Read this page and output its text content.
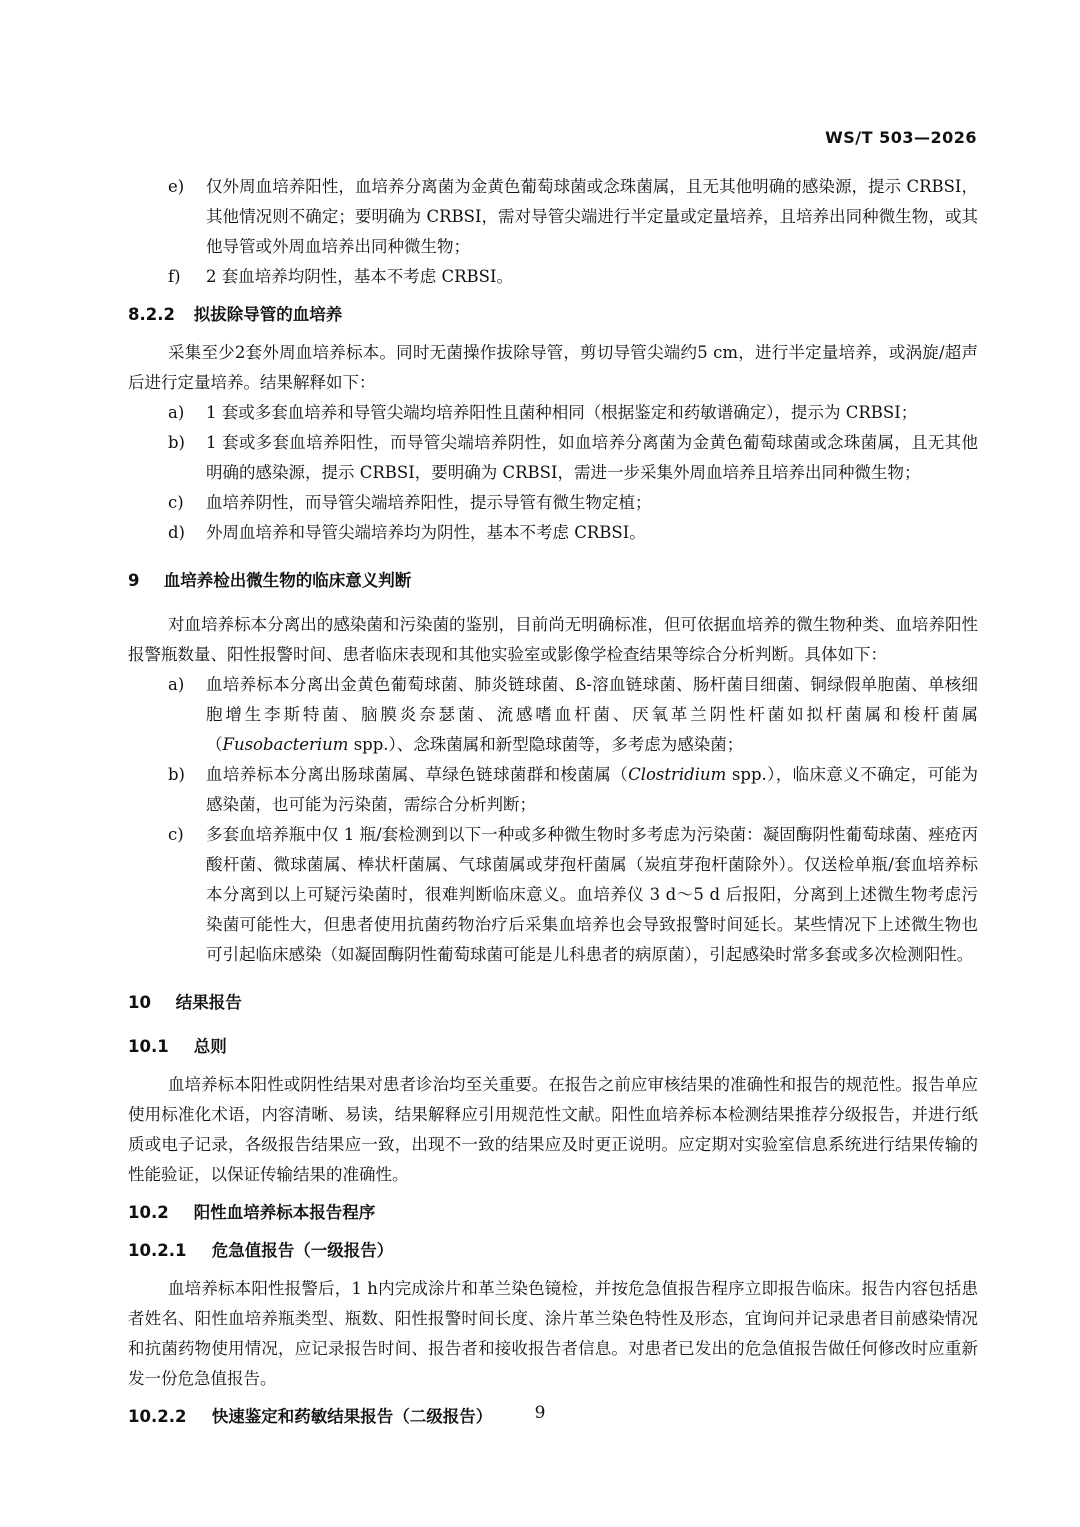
WS/T 503—2026
e) 仅外周血培养阳性，血培养分离菌为金黄色葡萄球菌或念珠菌属，且无其他明确的感染源，提示 CRBSI，其他情况则不确定；要明确为 CRBSI，需对导管尖端进行半定量或定量培养，且培养出同种微生物，或其他导管或外周血培养出同种微生物；
f) 2 套血培养均阴性，基本不考虑 CRBSI。
8.2.2 拟拔除导管的血培养
采集至少2套外周血培养标本。同时无菌操作拔除导管，剪切导管尖端约5 cm，进行半定量培养，或涡旋/超声后进行定量培养。结果解释如下：
a) 1 套或多套血培养和导管尖端均培养阳性且菌种相同（根据鉴定和药敏谱确定），提示为 CRBSI；
b) 1 套或多套血培养阳性，而导管尖端培养阴性，如血培养分离菌为金黄色葡萄球菌或念珠菌属，且无其他明确的感染源，提示 CRBSI，要明确为 CRBSI，需进一步采集外周血培养且培养出同种微生物；
c) 血培养阴性，而导管尖端培养阳性，提示导管有微生物定植；
d) 外周血培养和导管尖端培养均为阴性，基本不考虑 CRBSI。
9 血培养检出微生物的临床意义判断
对血培养标本分离出的感染菌和污染菌的鉴别，目前尚无明确标准，但可依据血培养的微生物种类、血培养阳性报警瓶数量、阳性报警时间、患者临床表现和其他实验室或影像学检查结果等综合分析判断。具体如下：
a) 血培养标本分离出金黄色葡萄球菌、肺炎链球菌、ß-溶血链球菌、肠杆菌目细菌、铜绿假单胞菌、单核细胞增生李斯特菌、脑膜炎奈瑟菌、流感嗜血杆菌、厌氧革兰阴性杆菌如拟杆菌属和梭杆菌属（Fusobacterium spp.）、念珠菌属和新型隐球菌等，多考虑为感染菌；
b) 血培养标本分离出肠球菌属、草绿色链球菌群和梭菌属（Clostridium spp.），临床意义不确定，可能为感染菌，也可能为污染菌，需综合分析判断；
c) 多套血培养瓶中仅 1 瓶/套检测到以下一种或多种微生物时多考虑为污染菌：凝固酶阴性葡萄球菌、痤疮丙酸杆菌、微球菌属、棒状杆菌属、气球菌属或芽孢杆菌属（炭疽芽孢杆菌除外）。仅送检单瓶/套血培养标本分离到以上可疑污染菌时，很难判断临床意义。血培养仪 3 d～5 d 后报阳，分离到上述微生物考虑污染菌可能性大，但患者使用抗菌药物治疗后采集血培养也会导致报警时间延长。某些情况下上述微生物也可引起临床感染（如凝固酶阴性葡萄球菌可能是儿科患者的病原菌），引起感染时常多套或多次检测阳性。
10 结果报告
10.1 总则
血培养标本阳性或阴性结果对患者诊治均至关重要。在报告之前应审核结果的准确性和报告的规范性。报告单应使用标准化术语，内容清晰、易读，结果解释应引用规范性文献。阳性血培养标本检测结果推荐分级报告，并进行纸质或电子记录，各级报告结果应一致，出现不一致的结果应及时更正说明。应定期对实验室信息系统进行结果传输的性能验证，以保证传输结果的准确性。
10.2 阳性血培养标本报告程序
10.2.1 危急值报告（一级报告）
血培养标本阳性报警后，1 h内完成涂片和革兰染色镜检，并按危急值报告程序立即报告临床。报告内容包括患者姓名、阳性血培养瓶类型、瓶数、阳性报警时间长度、涂片革兰染色特性及形态，宜询问并记录患者目前感染情况和抗菌药物使用情况，应记录报告时间、报告者和接收报告者信息。对患者已发出的危急值报告做任何修改时应重新发一份危急值报告。
10.2.2 快速鉴定和药敏结果报告（二级报告）	9
